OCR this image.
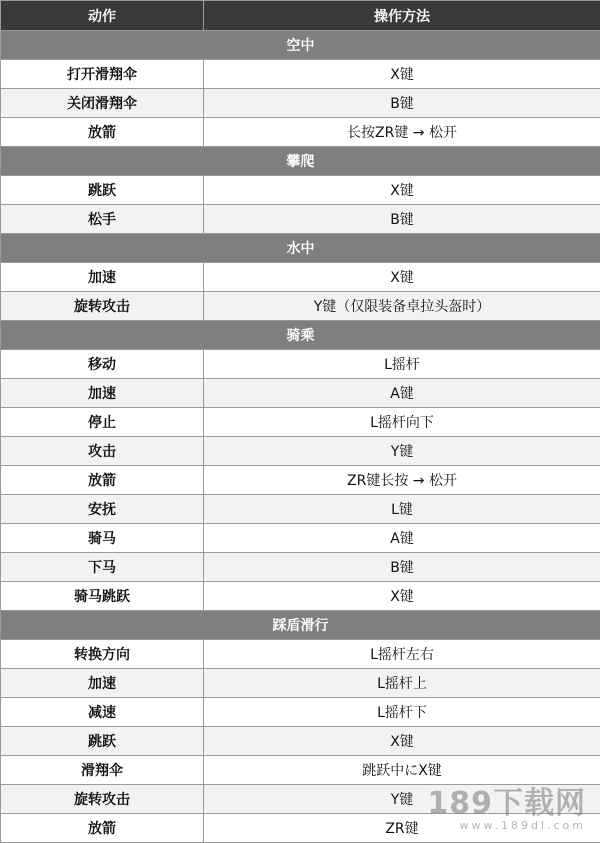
动作	操作方法
空中	
打开滑翔伞	X键
关闭滑翔伞	B键
放箭	长按ZR键 → 松开
攀爬	
跳跃	X键
松手	B键
水中	
加速	X键
旋转攻击	Y键（仅限装备卓拉头盔时）
骑乘	
移动	L摇杆
加速	A键
停止	L摇杆向下
攻击	Y键
放箭	ZR键长按 → 松开
安抚	L键
骑马	A键
下马	B键
骑马跳跃	X键
踩盾滑行	
转换方向	L摇杆左右
加速	L摇杆上
减速	L摇杆下
跳跃	X键
滑翔伞	跳跃中にX键
旋转攻击	Y键
放箭	ZR键
189下载网
www.189dl.com
